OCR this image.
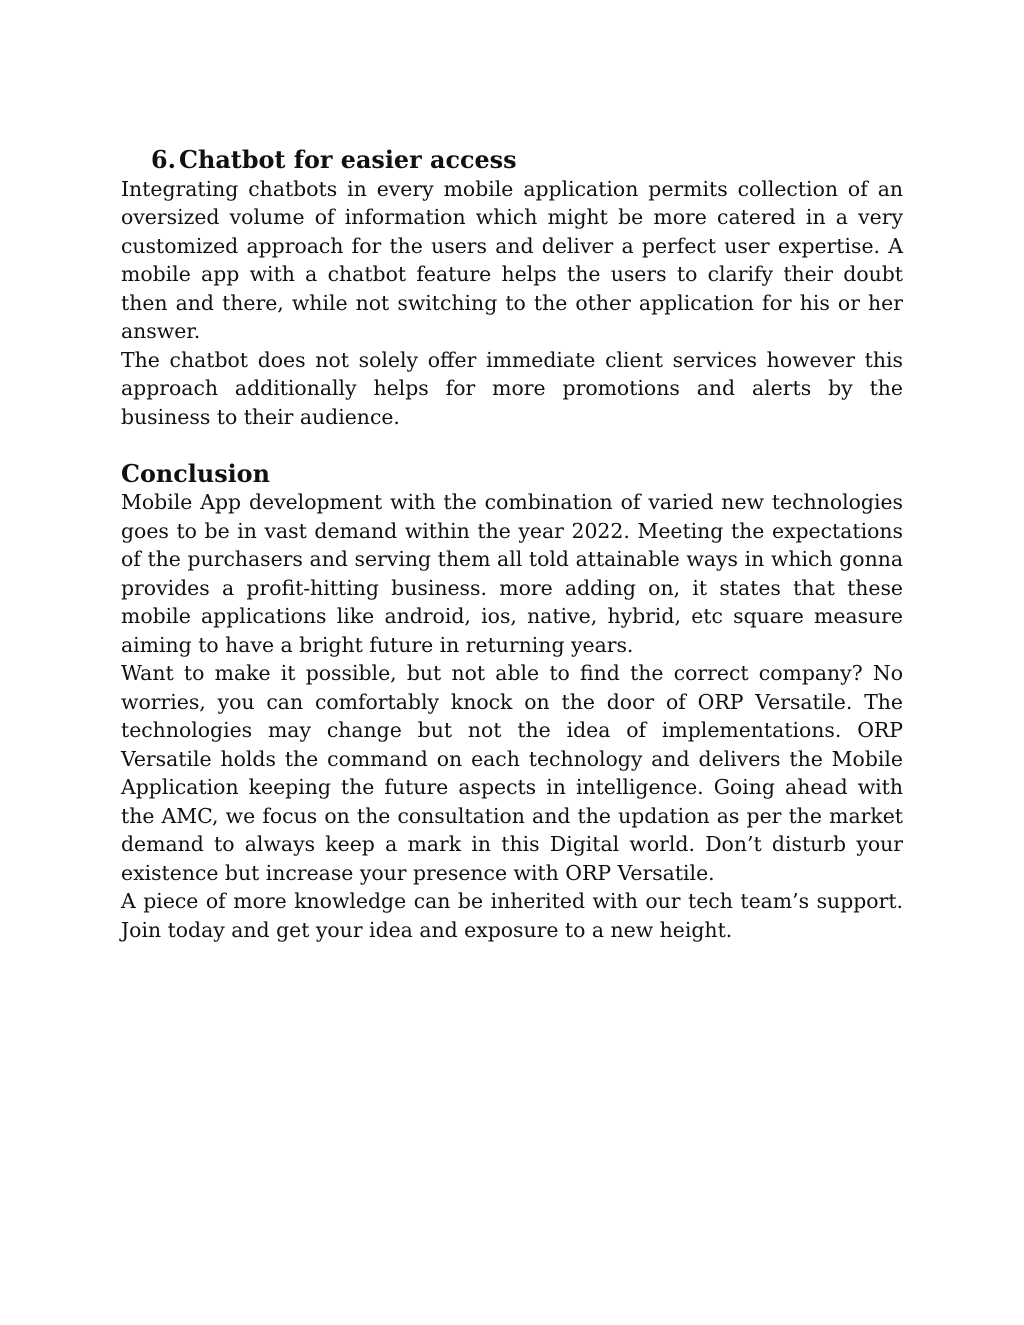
6. Chatbot for easier access

Integrating chatbots in every mobile application permits collection of an oversized volume of information which might be more catered in a very customized approach for the users and deliver a perfect user expertise. A mobile app with a chatbot feature helps the users to clarify their doubt then and there, while not switching to the other application for his or her answer.

The chatbot does not solely offer immediate client services however this approach additionally helps for more promotions and alerts by the business to their audience.

Conclusion

Mobile App development with the combination of varied new technologies goes to be in vast demand within the year 2022. Meeting the expectations of the purchasers and serving them all told attainable ways in which gonna provides a profit-hitting business. more adding on, it states that these mobile applications like android, ios, native, hybrid, etc square measure aiming to have a bright future in returning years.

Want to make it possible, but not able to find the correct company? No worries, you can comfortably knock on the door of ORP Versatile. The technologies may change but not the idea of implementations. ORP Versatile holds the command on each technology and delivers the Mobile Application keeping the future aspects in intelligence. Going ahead with the AMC, we focus on the consultation and the updation as per the market demand to always keep a mark in this Digital world. Don’t disturb your existence but increase your presence with ORP Versatile.

A piece of more knowledge can be inherited with our tech team’s support. Join today and get your idea and exposure to a new height.
